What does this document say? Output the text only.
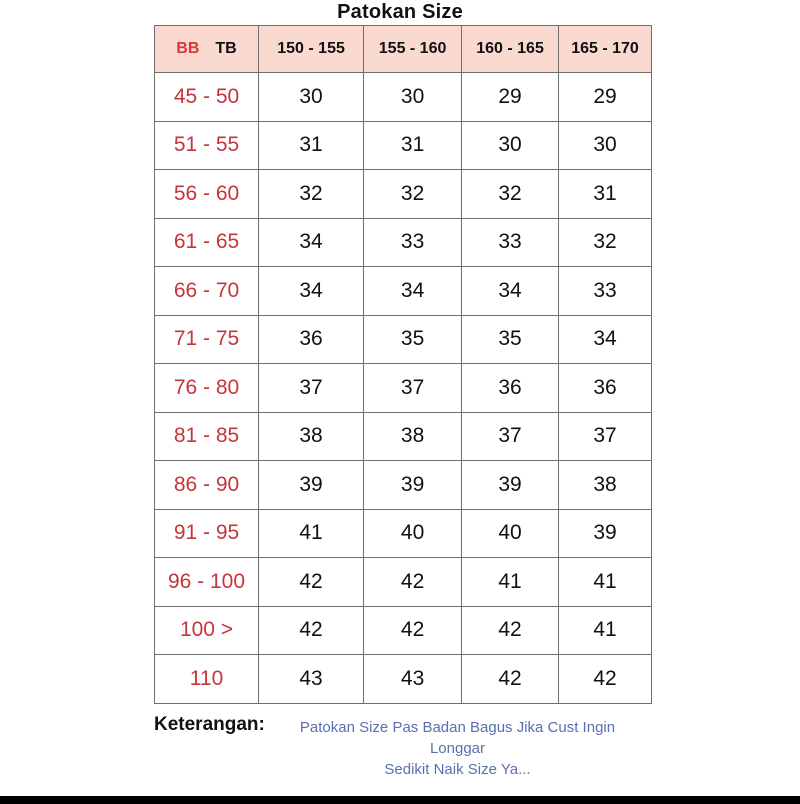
Patokan Size
BB TB	150 - 155	155 - 160	160 - 165	165 - 170
45 - 50	30	30	29	29
51 - 55	31	31	30	30
56 - 60	32	32	32	31
61 - 65	34	33	33	32
66 - 70	34	34	34	33
71 - 75	36	35	35	34
76 - 80	37	37	36	36
81 - 85	38	38	37	37
86 - 90	39	39	39	38
91 - 95	41	40	40	39
96 - 100	42	42	41	41
100 >	42	42	42	41
110	43	43	42	42
Keterangan:	Patokan Size Pas Badan Bagus Jika Cust Ingin
Longgar
Sedikit Naik Size Ya...
